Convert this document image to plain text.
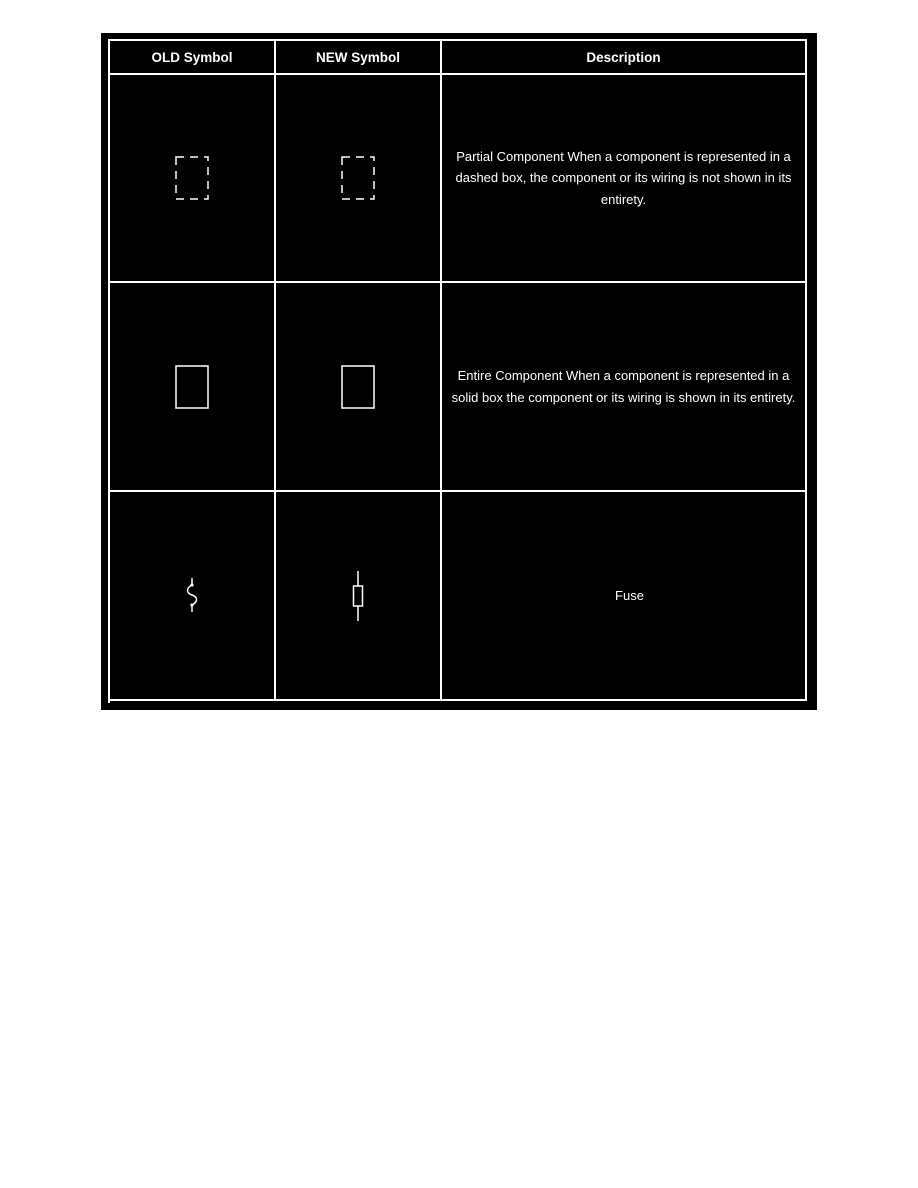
OLD Symbol	NEW Symbol	Description
Partial Component When a component is represented in a dashed box, the component or its wiring is not shown in its entirety.
Entire Component When a component is represented in a solid box the component or its wiring is shown in its entirety.
Fuse
